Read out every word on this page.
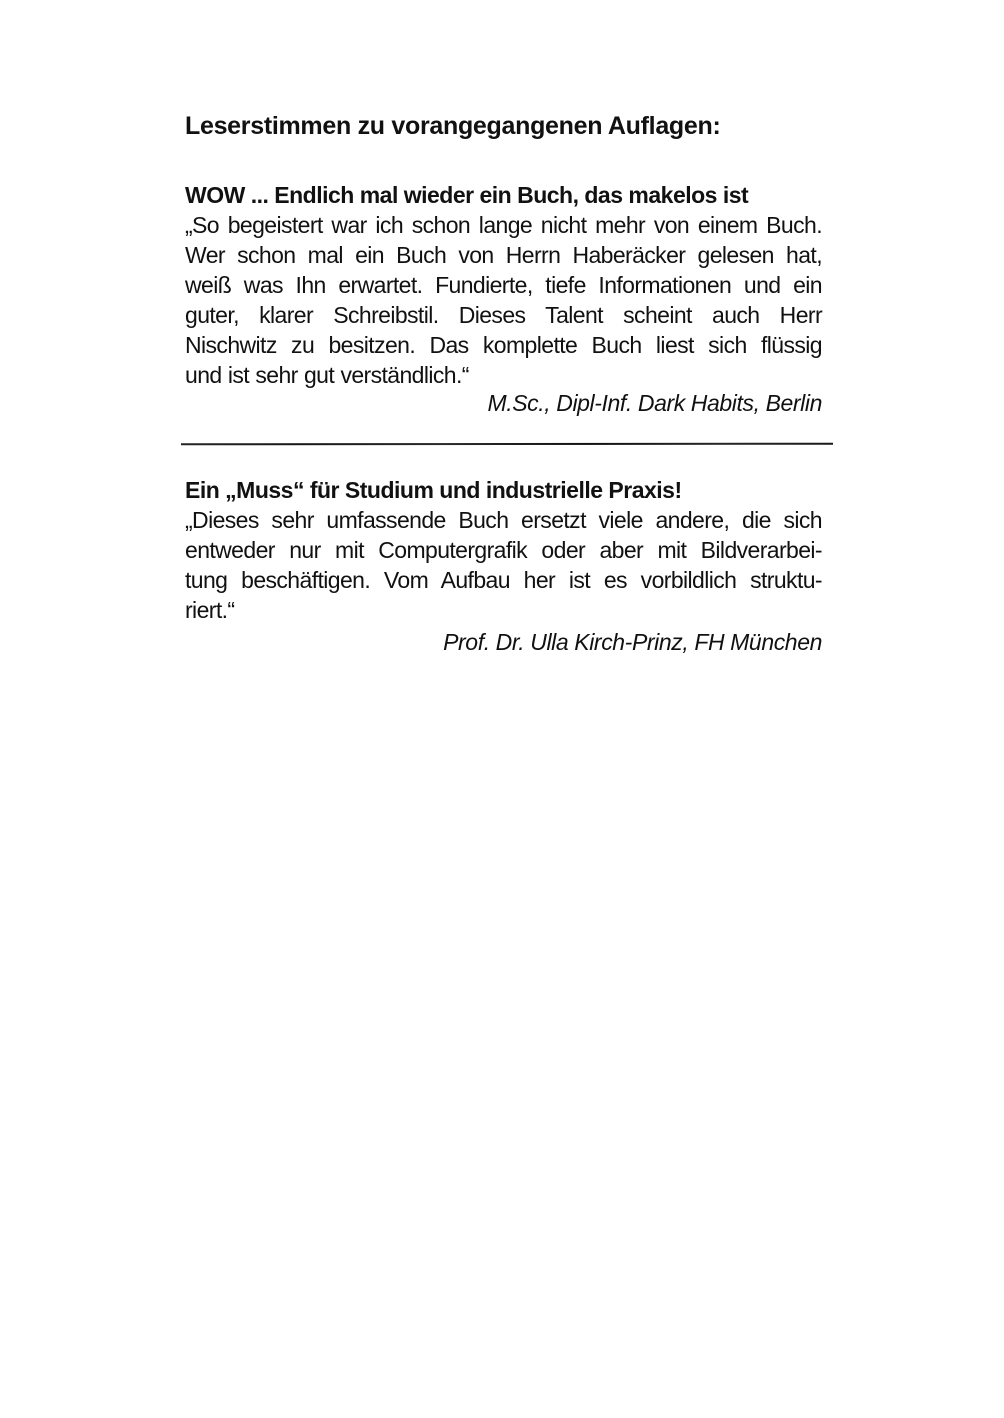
Leserstimmen zu vorangegangenen Auflagen:
WOW ... Endlich mal wieder ein Buch, das makelos ist
„So begeistert war ich schon lange nicht mehr von einem Buch.
Wer schon mal ein Buch von Herrn Haberäcker gelesen hat,
weiß was Ihn erwartet. Fundierte, tiefe Informationen und ein
guter, klarer Schreibstil. Dieses Talent scheint auch Herr
Nischwitz zu besitzen. Das komplette Buch liest sich flüssig
und ist sehr gut verständlich.“
M.Sc., Dipl-Inf. Dark Habits, Berlin
Ein „Muss“ für Studium und industrielle Praxis!
„Dieses sehr umfassende Buch ersetzt viele andere, die sich
entweder nur mit Computergrafik oder aber mit Bildverarbei-
tung beschäftigen. Vom Aufbau her ist es vorbildlich struktu-
riert.“
Prof. Dr. Ulla Kirch-Prinz, FH München
